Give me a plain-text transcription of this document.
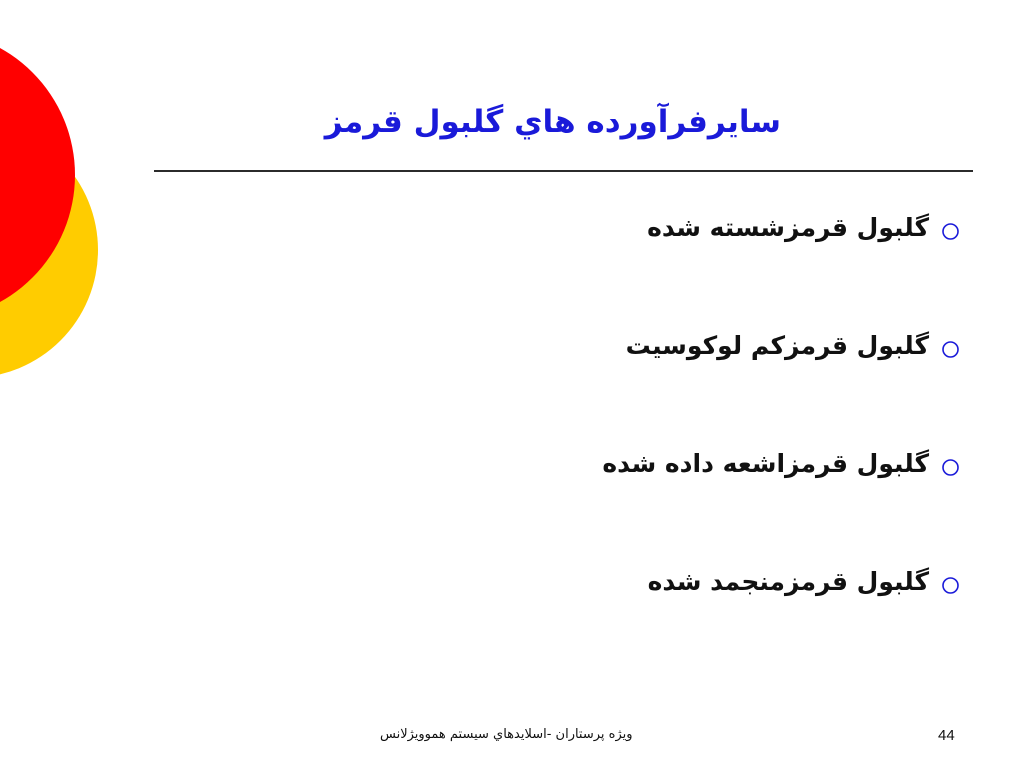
سايرفرآورده هاي گلبول قرمز
گلبول قرمزشسته شده
گلبول قرمزكم لوكوسيت
گلبول قرمزاشعه داده شده
گلبول قرمزمنجمد شده
ويژه پرستاران -اسلايدهاي سيستم هموويژلانس	44
